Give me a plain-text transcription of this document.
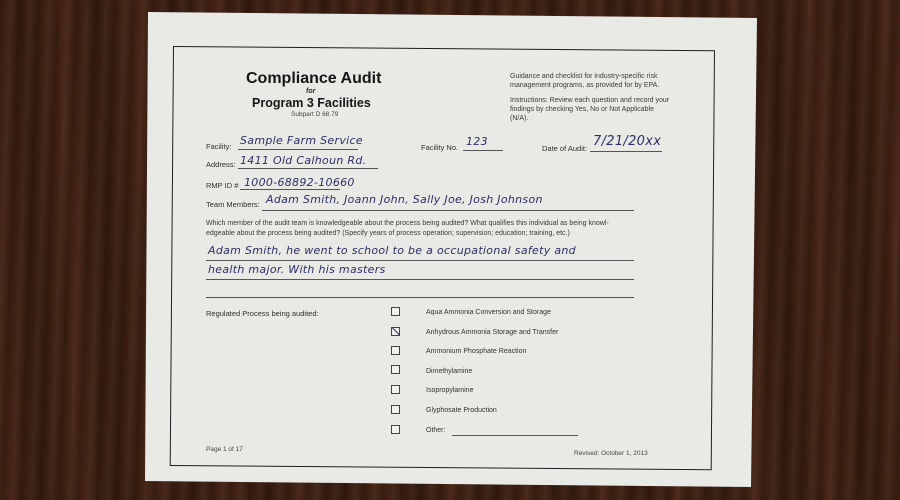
Compliance Audit
for
Program 3 Facilities
Subpart D 68.79
Guidance and checklist for industry-specific risk
management programs, as provided for by EPA.
Instructions: Review each question and record your
findings by checking Yes, No or Not Applicable
(N/A).
Facility: Sample Farm Service
Facility No. 123
Date of Audit: 7/21/20xx
Address: 1411 Old Calhoun Rd.
RMP ID # 1000-68892-10660
Team Members: Adam Smith, Joann John, Sally Joe, Josh Johnson
Which member of the audit team is knowledgeable about the process being audited? What qualifies this individual as being knowl-
edgeable about the process being audited? (Specify years of process operation; supervision; education; training, etc.)
Adam Smith, he went to school to be a occupational safety and
health major. With his masters
Regulated Process being audited:	Aqua Ammonia Conversion and Storage
Anhydrous Ammonia Storage and Transfer
Ammonium Phosphate Reaction
Dimethylamine
Isopropylamine
Glyphosate Production
Other:
Page 1 of 17
Revised: October 1, 2013
